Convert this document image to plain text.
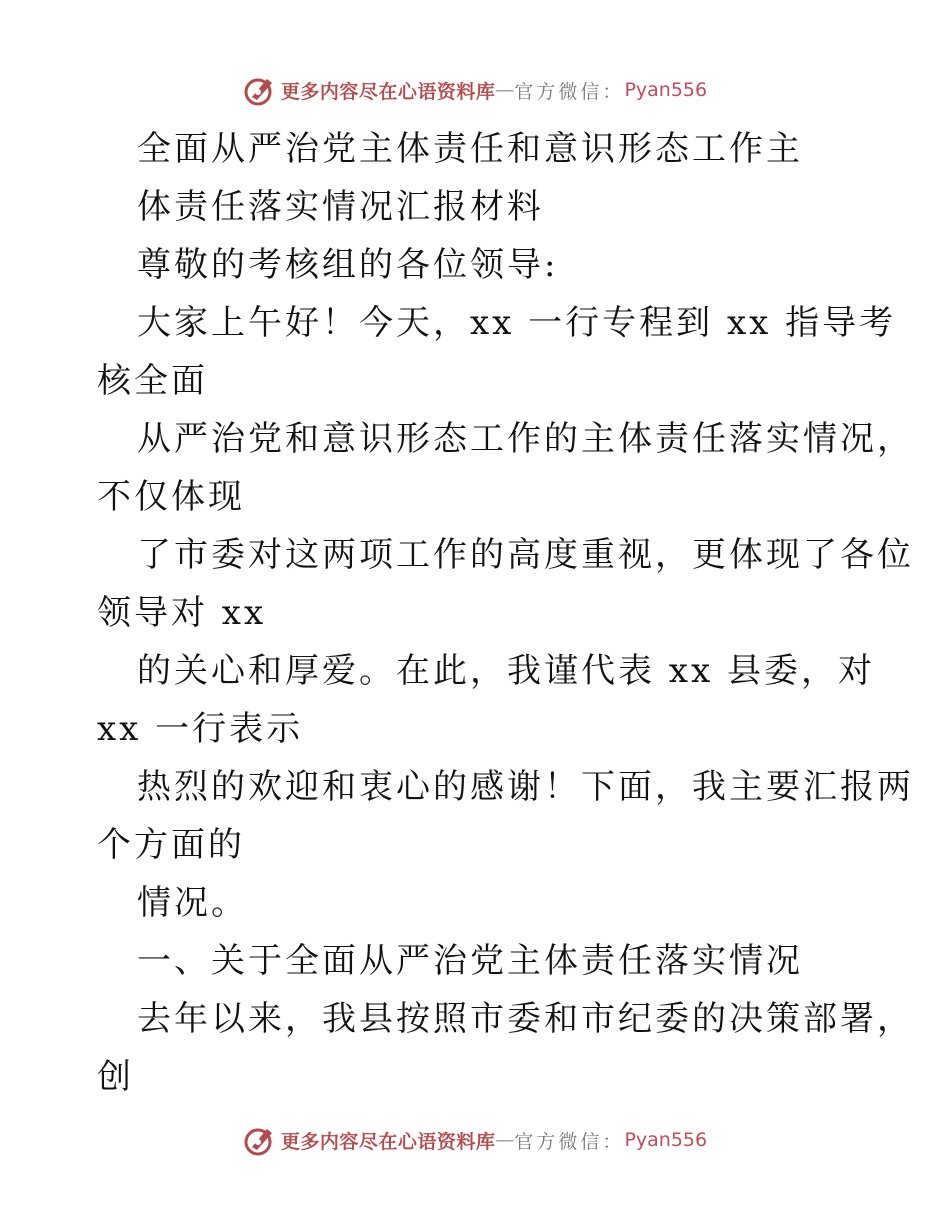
更多内容尽在心语资料库 — 官方微信： Pyan556
全面从严治党主体责任和意识形态工作主
体责任落实情况汇报材料
尊敬的考核组的各位领导:
大家上午好！今天，xx 一行专程到 xx 指导考
核全面
从严治党和意识形态工作的主体责任落实情况，
不仅体现
了市委对这两项工作的高度重视，更体现了各位
领导对 xx
的关心和厚爱。在此，我谨代表 xx 县委，对
xx 一行表示
热烈的欢迎和衷心的感谢！下面，我主要汇报两
个方面的
情况。
一、关于全面从严治党主体责任落实情况
去年以来，我县按照市委和市纪委的决策部署，
创
更多内容尽在心语资料库 — 官方微信： Pyan556
